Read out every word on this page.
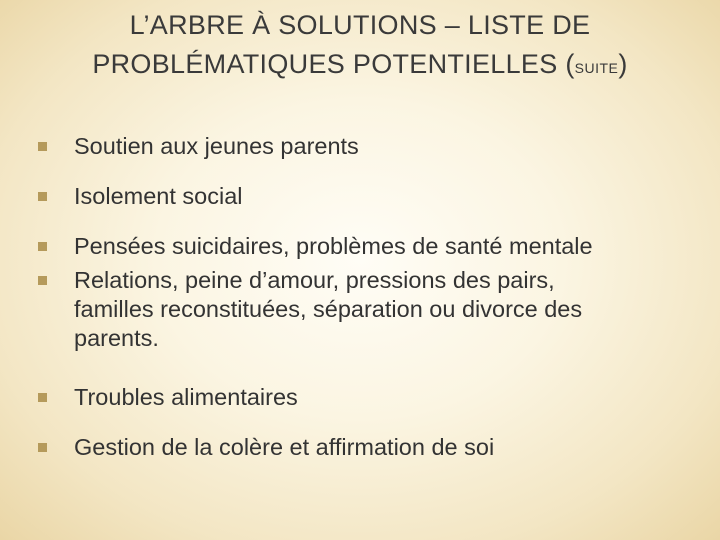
L’ARBRE À SOLUTIONS – LISTE DE
PROBLÉMATIQUES POTENTIELLES (SUITE)
Soutien aux jeunes parents
Isolement social
Pensées suicidaires, problèmes de santé mentale
Relations, peine d’amour, pressions des pairs,
familles reconstituées, séparation ou divorce des
parents.
Troubles alimentaires
Gestion de la colère et affirmation de soi
